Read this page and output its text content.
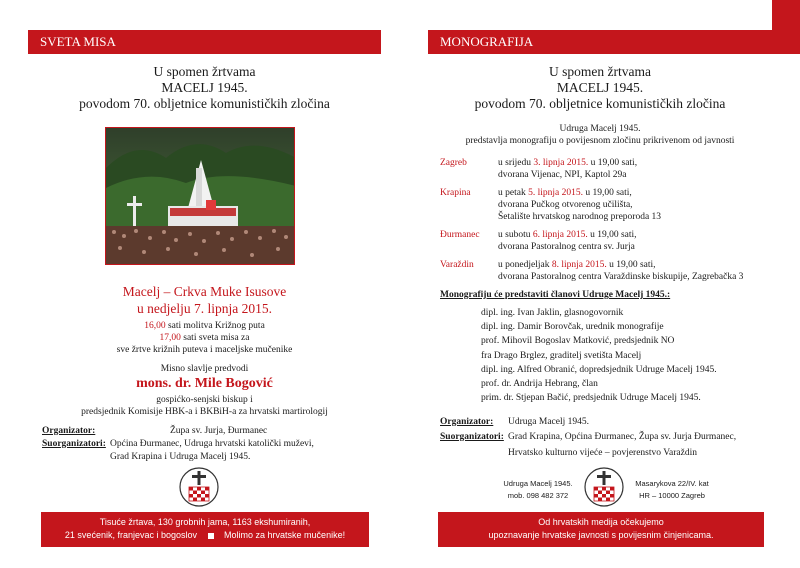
SVETA MISA
U spomen žrtvama
MACELJ 1945.
povodom 70. obljetnice komunističkih zločina
Macelj – Crkva Muke Isusove
u nedjelju 7. lipnja 2015.
16,00 sati molitva Križnog puta
17,00 sati sveta misa za
sve žrtve križnih puteva i maceljske mučenike
Misno slavlje predvodi
mons. dr. Mile Bogović
gospićko-senjski biskup i
predsjednik Komisije HBK-a i BKBiH-a za hrvatski martirologij
Organizator:	Župa sv. Jurja, Đurmanec
Suorganizatori: Općina Đurmanec, Udruga hrvatski katolički muževi,
Grad Krapina i Udruga Macelj 1945.
Tisuće žrtava, 130 grobnih jama, 1163 ekshumiranih,
21 svećenik, franjevac i bogoslov	Molimo za hrvatske mučenike!
MONOGRAFIJA
U spomen žrtvama
MACELJ 1945.
povodom 70. obljetnice komunističkih zločina
Udruga Macelj 1945.
predstavlja monografiju o povijesnom zločinu prikrivenom od javnosti
Zagreb	u srijedu 3. lipnja 2015. u 19,00 sati,
dvorana Vijenac, NPI, Kaptol 29a
Krapina	u petak 5. lipnja 2015. u 19,00 sati,
dvorana Pučkog otvorenog učilišta,
Šetalište hrvatskog narodnog preporoda 13
Đurmanec	u subotu 6. lipnja 2015. u 19,00 sati,
dvorana Pastoralnog centra sv. Jurja
Varaždin	u ponedjeljak 8. lipnja 2015. u 19,00 sati,
dvorana Pastoralnog centra Varaždinske biskupije, Zagrebačka 3
Monografiju će predstaviti članovi Udruge Macelj 1945.:
dipl. ing. Ivan Jaklin, glasnogovornik
dipl. ing. Damir Borovčak, urednik monografije
prof. Mihovil Bogoslav Matković, predsjednik NO
fra Drago Brglez, graditelj svetišta Macelj
dipl. ing. Alfred Obranić, dopredsjednik Udruge Macelj 1945.
prof. dr. Andrija Hebrang, član
prim. dr. Stjepan Bačić, predsjednik Udruge Macelj 1945.
Organizator:	Udruga Macelj 1945.
Suorganizatori: Grad Krapina, Općina Đurmanec, Župa sv. Jurja Đurmanec,
Hrvatsko kulturno vijeće – povjerenstvo Varaždin
Udruga Macelj 1945.
mob. 098 482 372
Masarykova 22/IV. kat
HR – 10000 Zagreb
Od hrvatskih medija očekujemo
upoznavanje hrvatske javnosti s povijesnim činjenicama.
